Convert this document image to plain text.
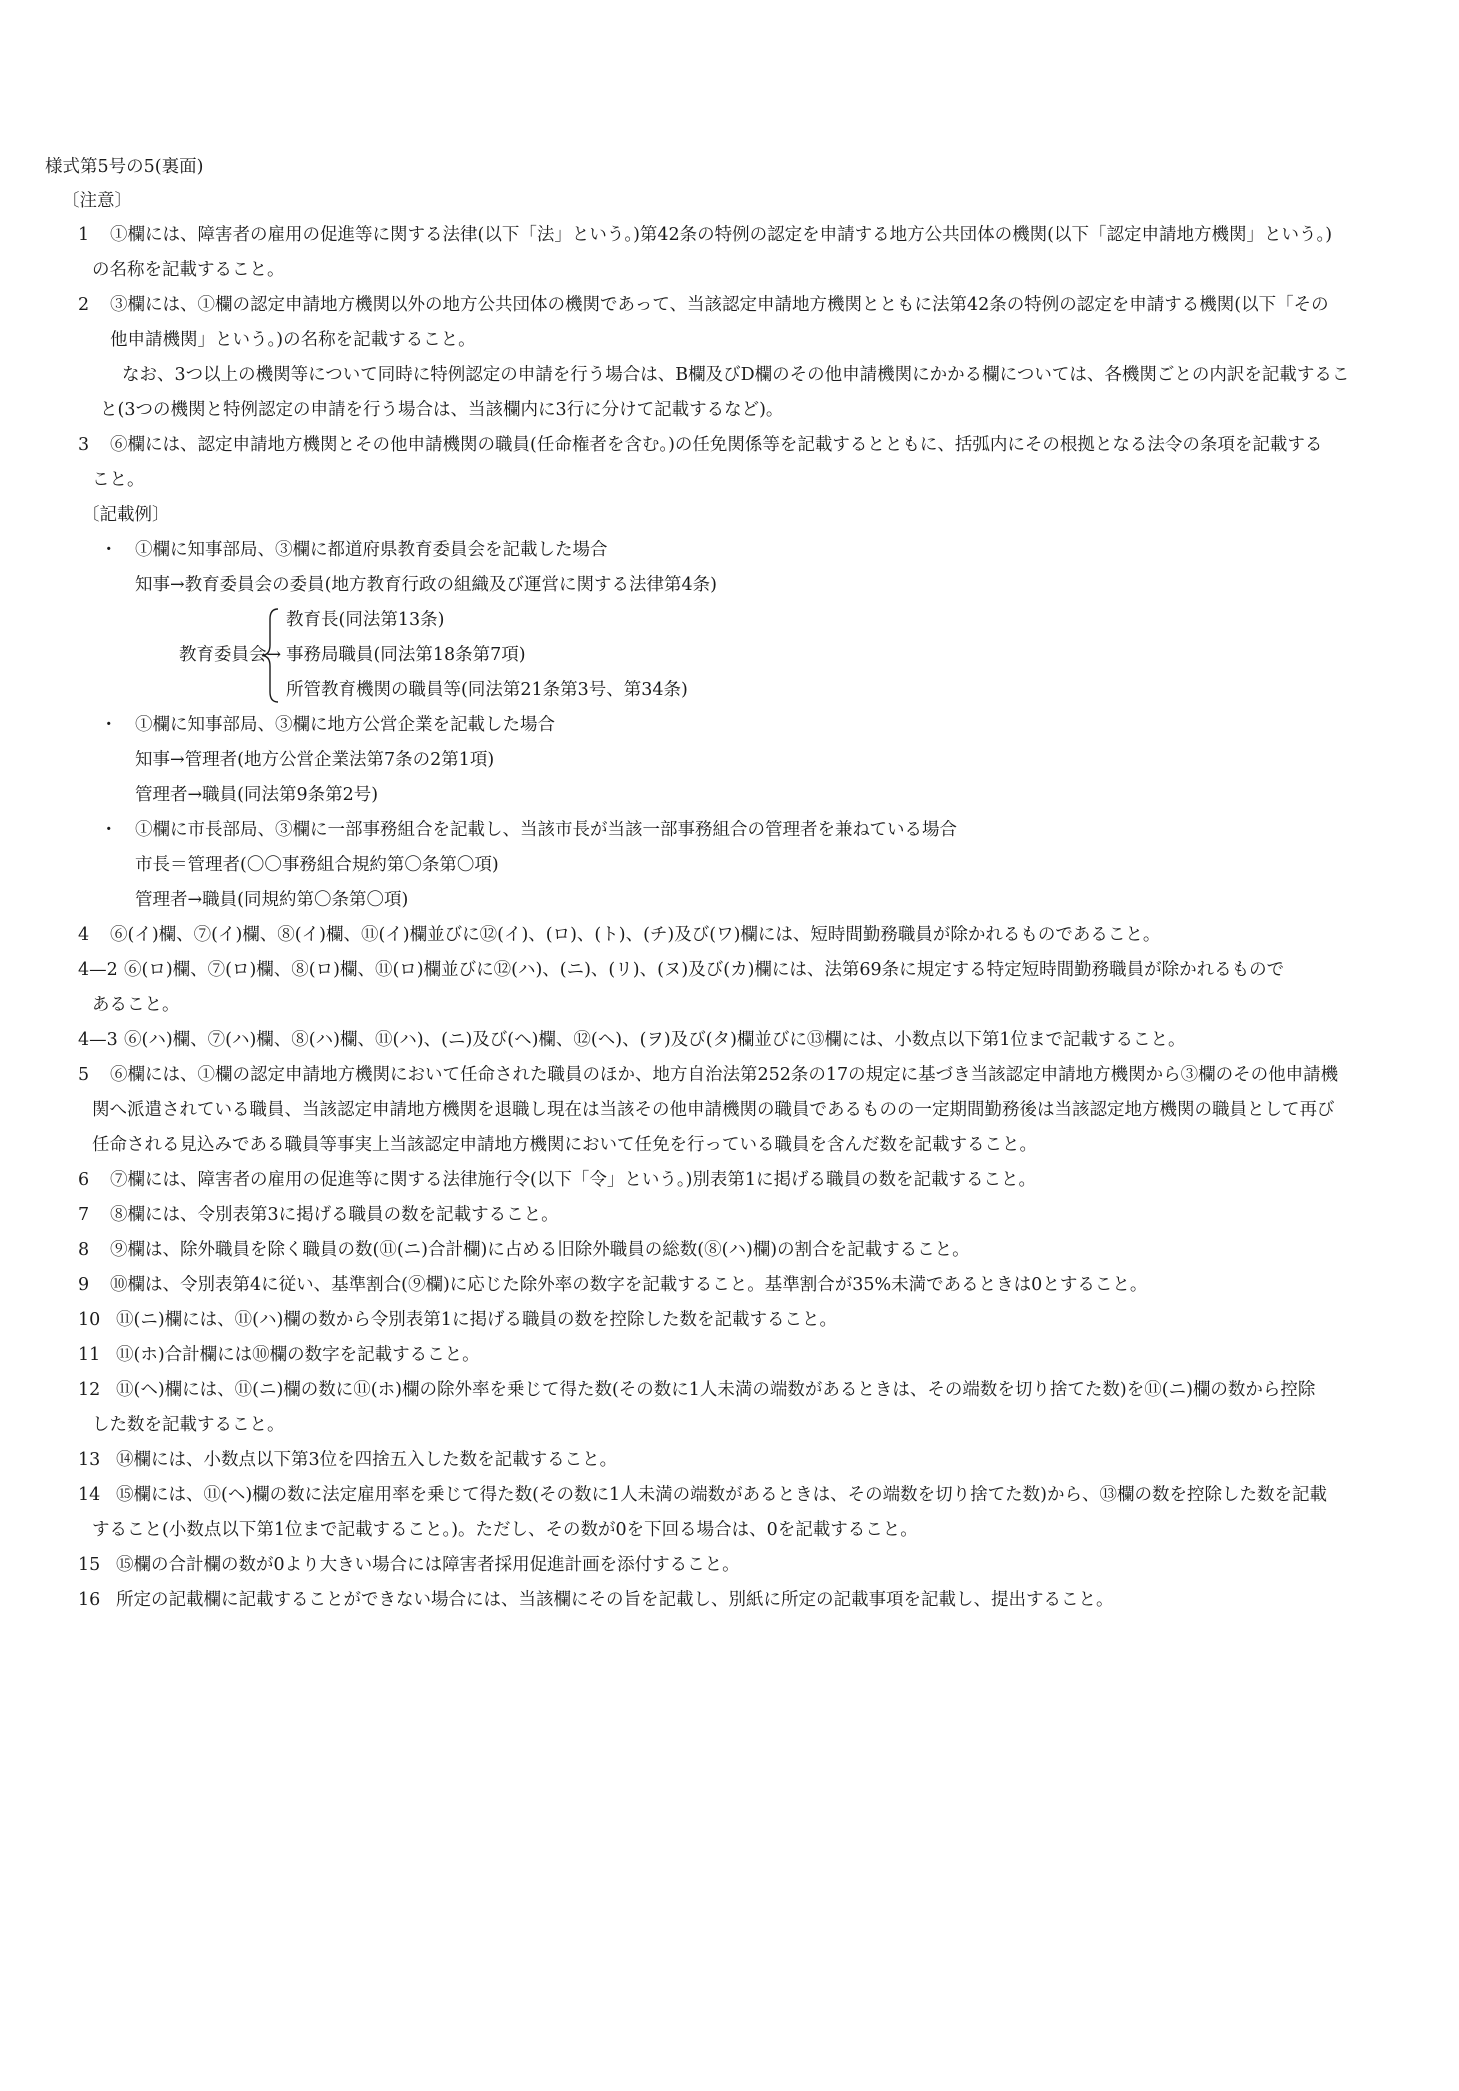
様式第5号の5(裏面)
〔注意〕
1	①欄には、障害者の雇用の促進等に関する法律(以下「法」という。)第42条の特例の認定を申請する地方公共団体の機関(以下「認定申請地方機関」という。)
の名称を記載すること。
2	③欄には、①欄の認定申請地方機関以外の地方公共団体の機関であって、当該認定申請地方機関とともに法第42条の特例の認定を申請する機関(以下「その
他申請機関」という。)の名称を記載すること。
なお、3つ以上の機関等について同時に特例認定の申請を行う場合は、B欄及びD欄のその他申請機関にかかる欄については、各機関ごとの内訳を記載するこ
と(3つの機関と特例認定の申請を行う場合は、当該欄内に3行に分けて記載するなど)。
3	⑥欄には、認定申請地方機関とその他申請機関の職員(任命権者を含む。)の任免関係等を記載するとともに、括弧内にその根拠となる法令の条項を記載する
こと。
〔記載例〕
・ ①欄に知事部局、③欄に都道府県教育委員会を記載した場合
知事→教育委員会の委員(地方教育行政の組織及び運営に関する法律第4条)
教育委員会→
教育長(同法第13条)
事務局職員(同法第18条第7項)
所管教育機関の職員等(同法第21条第3号、第34条)
・ ①欄に知事部局、③欄に地方公営企業を記載した場合
知事→管理者(地方公営企業法第7条の2第1項)
管理者→職員(同法第9条第2号)
・ ①欄に市長部局、③欄に一部事務組合を記載し、当該市長が当該一部事務組合の管理者を兼ねている場合
市長＝管理者(〇〇事務組合規約第〇条第〇項)
管理者→職員(同規約第〇条第〇項)
4	⑥(イ)欄、⑦(イ)欄、⑧(イ)欄、⑪(イ)欄並びに⑫(イ)、(ロ)、(ト)、(チ)及び(ワ)欄には、短時間勤務職員が除かれるものであること。
4—2 ⑥(ロ)欄、⑦(ロ)欄、⑧(ロ)欄、⑪(ロ)欄並びに⑫(ハ)、(ニ)、(リ)、(ヌ)及び(カ)欄には、法第69条に規定する特定短時間勤務職員が除かれるもので
あること。
4—3 ⑥(ハ)欄、⑦(ハ)欄、⑧(ハ)欄、⑪(ハ)、(ニ)及び(ヘ)欄、⑫(ヘ)、(ヲ)及び(タ)欄並びに⑬欄には、小数点以下第1位まで記載すること。
5	⑥欄には、①欄の認定申請地方機関において任命された職員のほか、地方自治法第252条の17の規定に基づき当該認定申請地方機関から③欄のその他申請機
関へ派遣されている職員、当該認定申請地方機関を退職し現在は当該その他申請機関の職員であるものの一定期間勤務後は当該認定地方機関の職員として再び
任命される見込みである職員等事実上当該認定申請地方機関において任免を行っている職員を含んだ数を記載すること。
6	⑦欄には、障害者の雇用の促進等に関する法律施行令(以下「令」という。)別表第1に掲げる職員の数を記載すること。
7	⑧欄には、令別表第3に掲げる職員の数を記載すること。
8	⑨欄は、除外職員を除く職員の数(⑪(ニ)合計欄)に占める旧除外職員の総数(⑧(ハ)欄)の割合を記載すること。
9	⑩欄は、令別表第4に従い、基準割合(⑨欄)に応じた除外率の数字を記載すること。基準割合が35%未満であるときは0とすること。
10 ⑪(ニ)欄には、⑪(ハ)欄の数から令別表第1に掲げる職員の数を控除した数を記載すること。
11 ⑪(ホ)合計欄には⑩欄の数字を記載すること。
12 ⑪(ヘ)欄には、⑪(ニ)欄の数に⑪(ホ)欄の除外率を乗じて得た数(その数に1人未満の端数があるときは、その端数を切り捨てた数)を⑪(ニ)欄の数から控除
した数を記載すること。
13 ⑭欄には、小数点以下第3位を四捨五入した数を記載すること。
14 ⑮欄には、⑪(ヘ)欄の数に法定雇用率を乗じて得た数(その数に1人未満の端数があるときは、その端数を切り捨てた数)から、⑬欄の数を控除した数を記載
すること(小数点以下第1位まで記載すること。)。ただし、その数が0を下回る場合は、0を記載すること。
15 ⑮欄の合計欄の数が0より大きい場合には障害者採用促進計画を添付すること。
16 所定の記載欄に記載することができない場合には、当該欄にその旨を記載し、別紙に所定の記載事項を記載し、提出すること。
